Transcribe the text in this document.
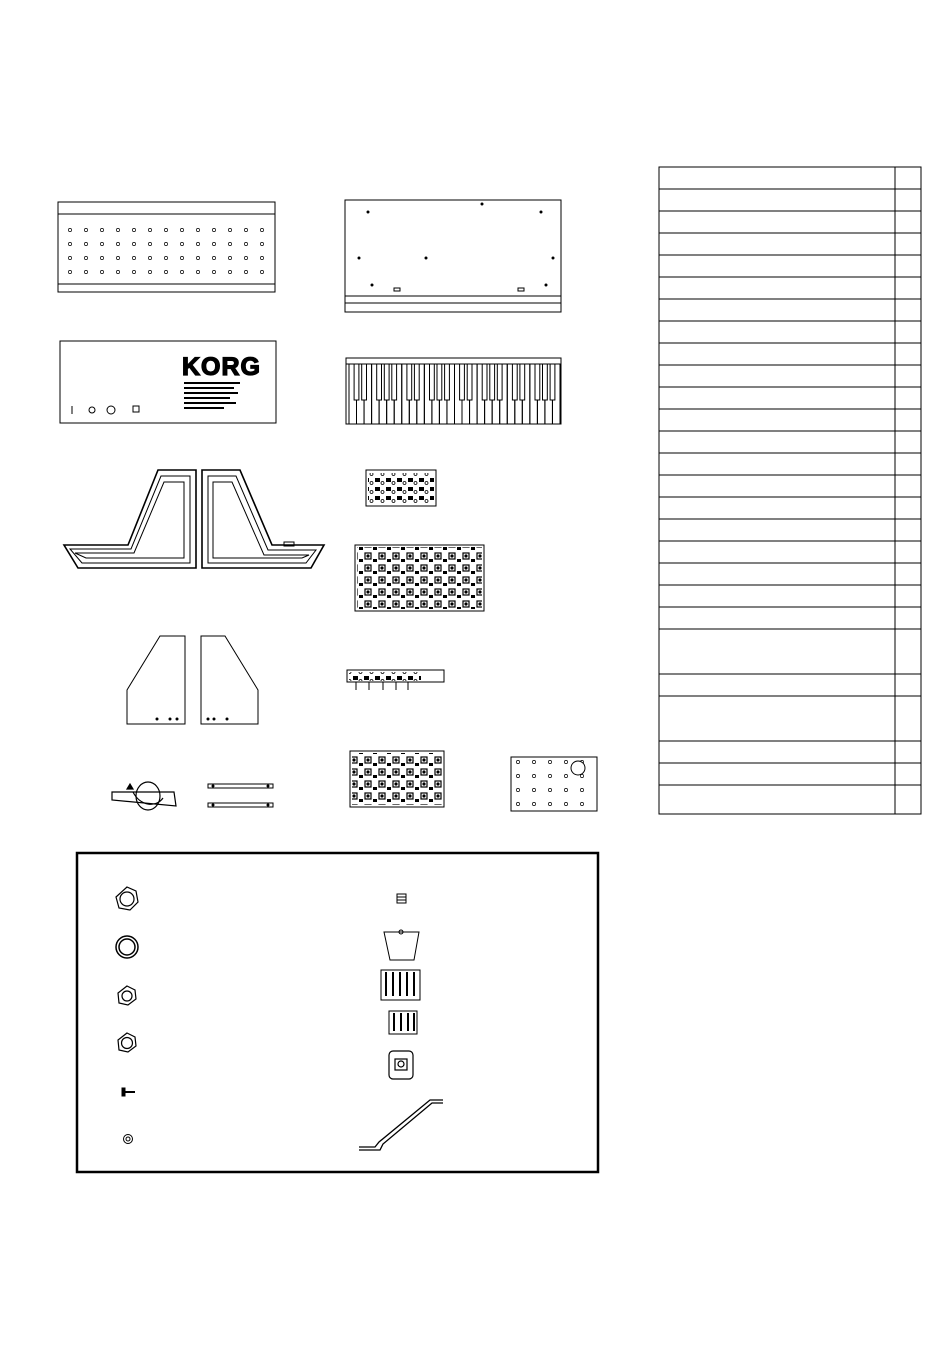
KORG
